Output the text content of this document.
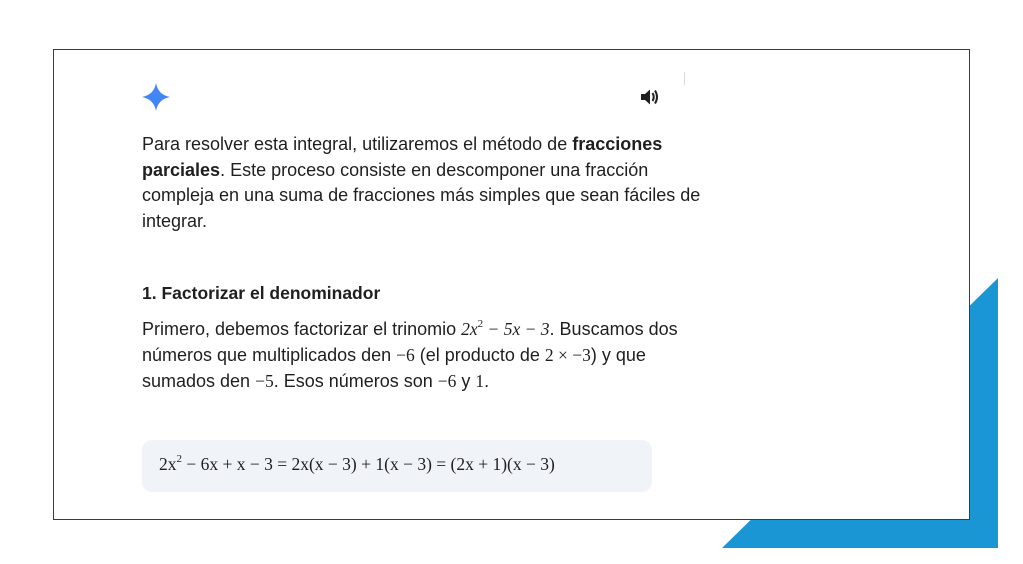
Para resolver esta integral, utilizaremos el método de fracciones parciales. Este proceso consiste en descomponer una fracción compleja en una suma de fracciones más simples que sean fáciles de integrar.

1. Factorizar el denominador

Primero, debemos factorizar el trinomio $2x^2 - 5x - 3$. Buscamos dos números que multiplicados den −6 (el producto de 2 × −3) y que sumados den −5. Esos números son −6 y 1.

$2x^2 - 6x + x - 3 = 2x(x - 3) + 1(x - 3) = (2x + 1)(x - 3)$
